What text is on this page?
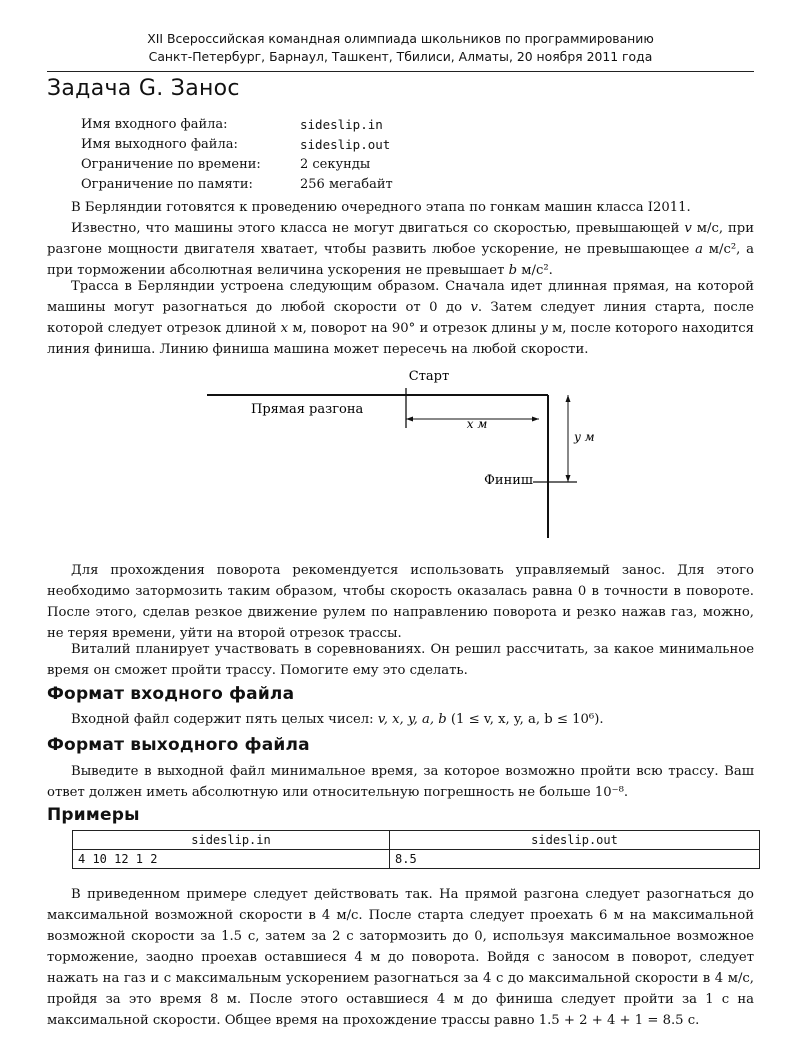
XII Всероссийская командная олимпиада школьников по программированию
Санкт-Петербург, Барнаул, Ташкент, Тбилиси, Алматы, 20 ноября 2011 года
Задача G. Занос
Имя входного файла:	sideslip.in
Имя выходного файла:	sideslip.out
Ограничение по времени:	2 секунды
Ограничение по памяти:	256 мегабайт

В Берляндии готовятся к проведению очередного этапа по гонкам машин класса I2011.

Известно, что машины этого класса не могут двигаться со скоростью, превышающей v м/с, при разгоне мощности двигателя хватает, чтобы развить любое ускорение, не превышающее a м/с², а при торможении абсолютная величина ускорения не превышает b м/с².

Трасса в Берляндии устроена следующим образом. Сначала идет длинная прямая, на которой машины могут разогнаться до любой скорости от 0 до v. Затем следует линия старта, после которой следует отрезок длиной x м, поворот на 90° и отрезок длины y м, после которого находится линия финиша. Линию финиша машина может пересечь на любой скорости.

Старт
Прямая разгона
x м
y м
Финиш

Для прохождения поворота рекомендуется использовать управляемый занос. Для этого необходимо затормозить таким образом, чтобы скорость оказалась равна 0 в точности в повороте. После этого, сделав резкое движение рулем по направлению поворота и резко нажав газ, можно, не теряя времени, уйти на второй отрезок трассы.

Виталий планирует участвовать в соревнованиях. Он решил рассчитать, за какое минимальное время он сможет пройти трассу. Помогите ему это сделать.

Формат входного файла

Входной файл содержит пять целых чисел: v, x, y, a, b (1 ≤ v, x, y, a, b ≤ 10⁶).

Формат выходного файла

Выведите в выходной файл минимальное время, за которое возможно пройти всю трассу. Ваш ответ должен иметь абсолютную или относительную погрешность не больше 10⁻⁸.

Примеры
sideslip.in	sideslip.out
4 10 12 1 2	8.5

В приведенном примере следует действовать так. На прямой разгона следует разогнаться до максимальной возможной скорости в 4 м/с. После старта следует проехать 6 м на максимальной возможной скорости за 1.5 с, затем за 2 с затормозить до 0, используя максимальное возможное торможение, заодно проехав оставшиеся 4 м до поворота. Войдя с заносом в поворот, следует нажать на газ и с максимальным ускорением разогнаться за 4 с до максимальной скорости в 4 м/с, пройдя за это время 8 м. После этого оставшиеся 4 м до финиша следует пройти за 1 с на максимальной скорости. Общее время на прохождение трассы равно 1.5 + 2 + 4 + 1 = 8.5 с.
